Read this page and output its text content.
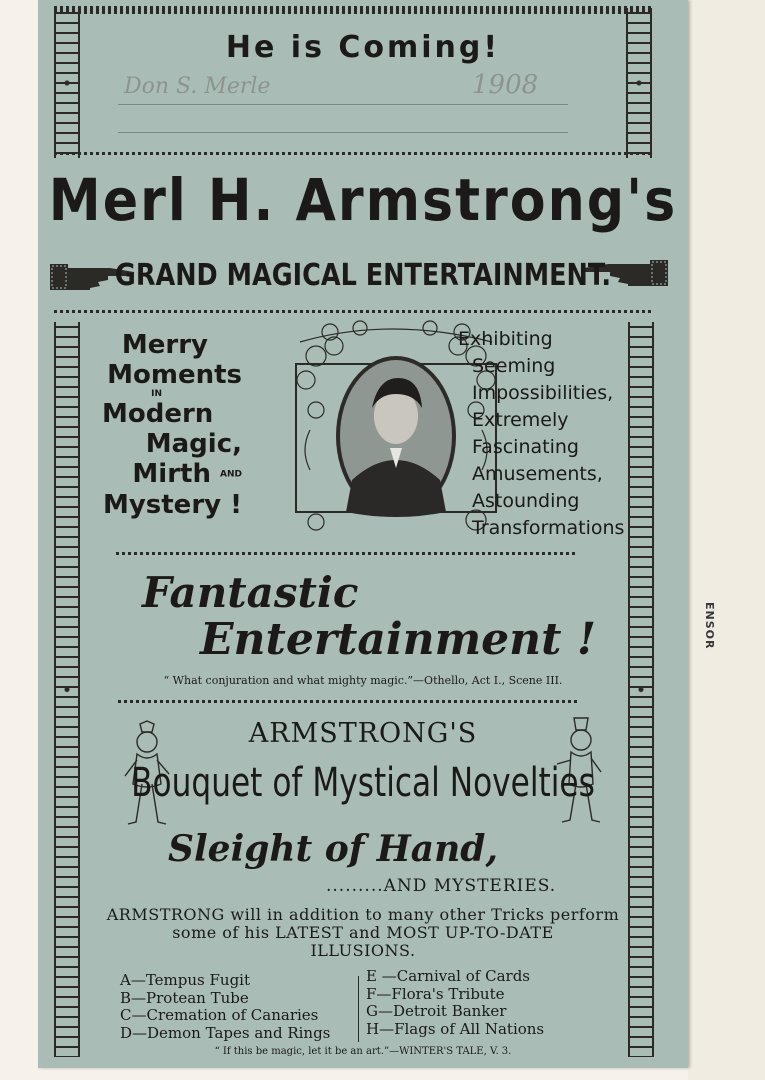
ENSOR
He is Coming!
Don S. Merle	1908
Merl H. Armstrong's
GRAND MAGICAL ENTERTAINMENT.
Merry
Moments
IN
Modern
Magic,
Mirth AND
Mystery !
Exhibiting
Seeming
Impossibilities,
Extremely
Fascinating
Amusements,
Astounding
Transformations
Fantastic
Entertainment !
“ What conjuration and what mighty magic.”—Othello, Act I., Scene III.
ARMSTRONG'S
Bouquet of Mystical Novelties
Sleight of Hand,
.........AND MYSTERIES.
ARMSTRONG will in addition to many other Tricks perform
some of his LATEST and MOST UP-TO-DATE
ILLUSIONS.
A—Tempus Fugit
B—Protean Tube
C—Cremation of Canaries
D—Demon Tapes and Rings
E —Carnival of Cards
F—Flora's Tribute
G—Detroit Banker
H—Flags of All Nations
“ If this be magic, let it be an art.”—WINTER'S TALE, V. 3.
